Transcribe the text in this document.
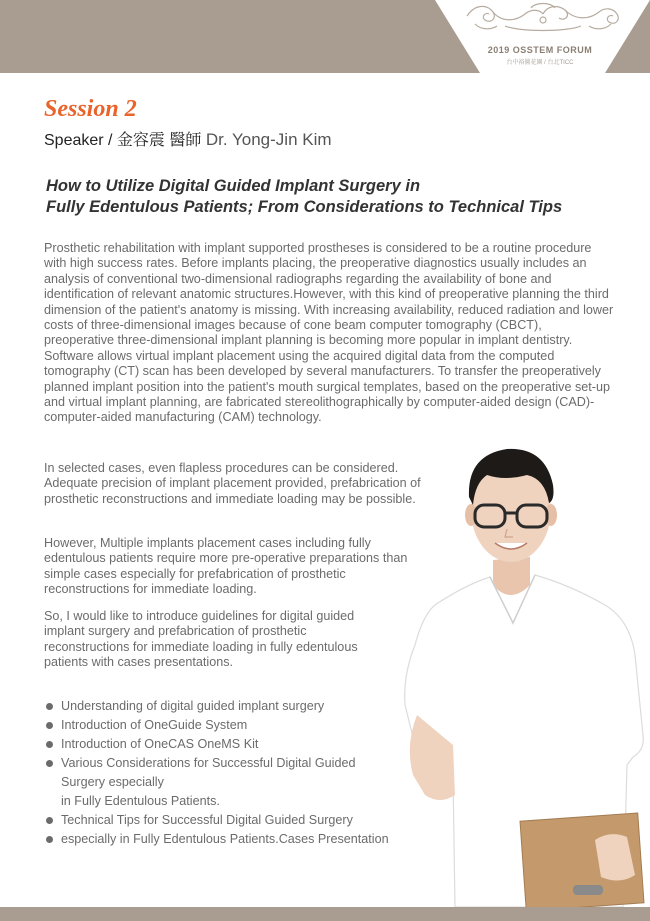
2019 OSSTEM FORUM
台中裕圖花園 / 台北TICC
Session 2
Speaker / 金容震 醫師 Dr. Yong-Jin Kim
How to Utilize Digital Guided Implant Surgery in
Fully Edentulous Patients; From Considerations to Technical Tips

Prosthetic rehabilitation with implant supported prostheses is considered to be a routine procedure with high success rates. Before implants placing, the preoperative diagnostics usually includes an analysis of conventional two-dimensional radiographs regarding the availability of bone and identification of relevant anatomic structures.However, with this kind of preoperative planning the third dimension of the patient's anatomy is missing. With increasing availability, reduced radiation and lower costs of three-dimensional images because of cone beam computer tomography (CBCT), preoperative three-dimensional implant planning is becoming more popular in implant dentistry. Software allows virtual implant placement using the acquired digital data from the computed tomography (CT) scan has been developed by several manufacturers. To transfer the preoperatively planned implant position into the patient's mouth surgical templates, based on the preoperative set-up and virtual implant planning, are fabricated stereolithographically by computer-aided design (CAD)-computer-aided manufacturing (CAM) technology.

In selected cases, even flapless procedures can be considered. Adequate precision of implant placement provided, prefabrication of prosthetic reconstructions and immediate loading may be possible.

However, Multiple implants placement cases including fully edentulous patients require more pre-operative preparations than simple cases especially for prefabrication of prosthetic reconstructions for immediate loading.

So, I would like to introduce guidelines for digital guided implant surgery and prefabrication of prosthetic reconstructions for immediate loading in fully edentulous patients with cases presentations.

Understanding of digital guided implant surgery
Introduction of OneGuide System
Introduction of OneCAS OneMS Kit
Various Considerations for Successful Digital Guided
Surgery especially
in Fully Edentulous Patients.
Technical Tips for Successful Digital Guided Surgery
especially in Fully Edentulous Patients.Cases Presentation
